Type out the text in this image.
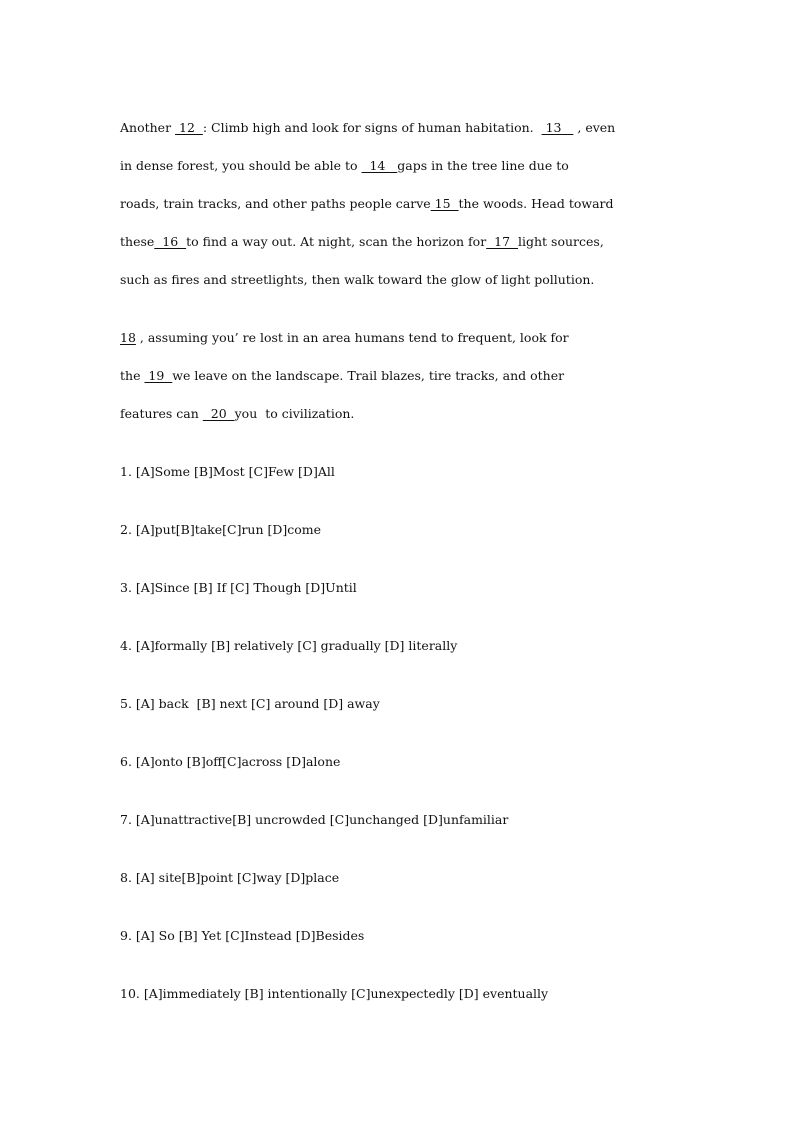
Another  12  : Climb high and look for signs of human habitation.   13    , even
in dense forest, you should be able to   14   gaps in the tree line due to
roads, train tracks, and other paths people carve 15  the woods. Head toward
these  16  to find a way out. At night, scan the horizon for  17  light sources,
such as fires and streetlights, then walk toward the glow of light pollution.
18 , assuming you’ re lost in an area humans tend to frequent, look for
the  19  we leave on the landscape. Trail blazes, tire tracks, and other
features can   20  you  to civilization.
1. [A]Some [B]Most [C]Few [D]All
2. [A]put[B]take[C]run [D]come
3. [A]Since [B] If [C] Though [D]Until
4. [A]formally [B] relatively [C] gradually [D] literally
5. [A] back  [B] next [C] around [D] away
6. [A]onto [B]off[C]across [D]alone
7. [A]unattractive[B] uncrowded [C]unchanged [D]unfamiliar
8. [A] site[B]point [C]way [D]place
9. [A] So [B] Yet [C]Instead [D]Besides
10. [A]immediately [B] intentionally [C]unexpectedly [D] eventually
